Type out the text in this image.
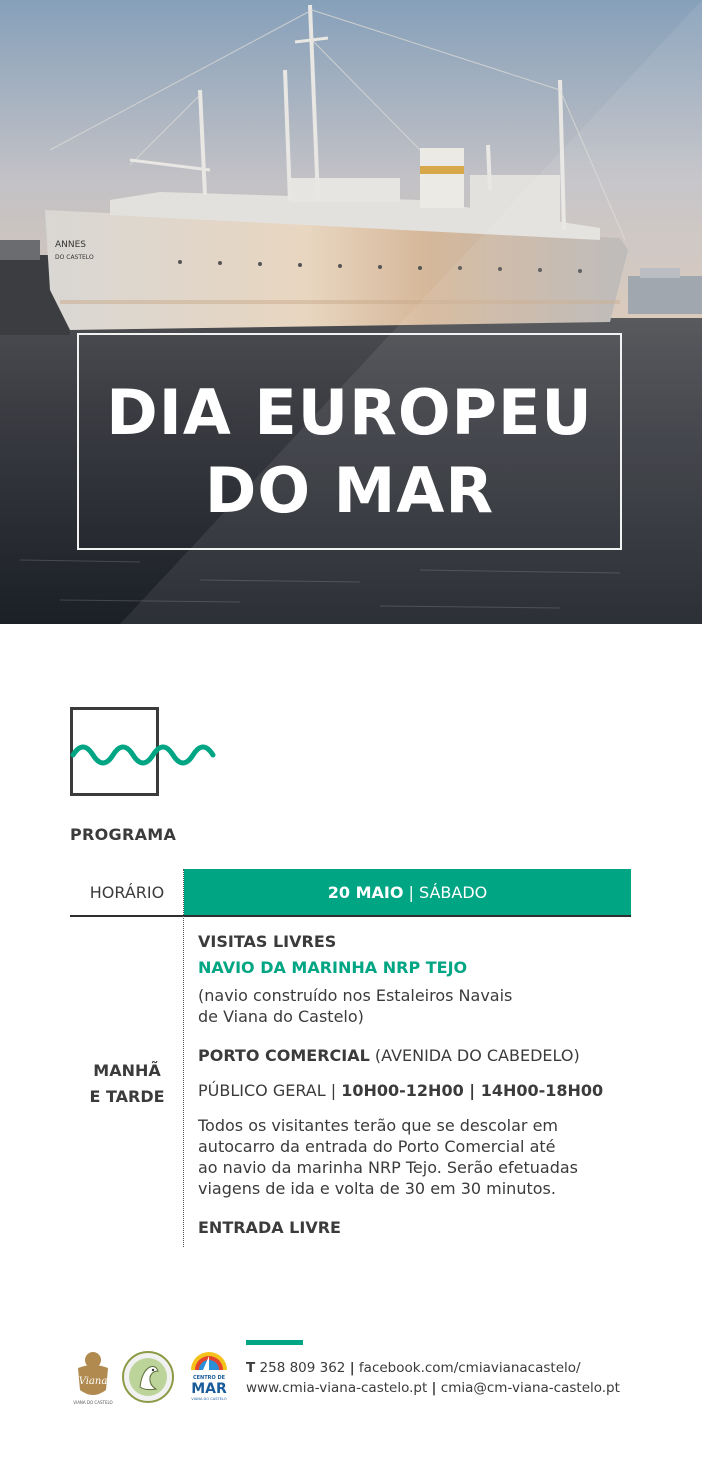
ANNES
DO CASTELO
DIA EUROPEU
DO MAR
PROGRAMA
HORÁRIO	20 MAIO | SÁBADO
MANHÃ
E TARDE
VISITAS LIVRES
NAVIO DA MARINHA NRP TEJO
(navio construído nos Estaleiros Navais
de Viana do Castelo)
PORTO COMERCIAL (AVENIDA DO CABEDELO)
PÚBLICO GERAL | 10H00-12H00 | 14H00-18H00
Todos os visitantes terão que se descolar em
autocarro da entrada do Porto Comercial até
ao navio da marinha NRP Tejo. Serão efetuadas
viagens de ida e volta de 30 em 30 minutos.
ENTRADA LIVRE
Viana
VIANA DO CASTELO
CENTRO DE
MAR
VIANA DO CASTELO
T 258 809 362 | facebook.com/cmiavianacastelo/
www.cmia-viana-castelo.pt | cmia@cm-viana-castelo.pt
